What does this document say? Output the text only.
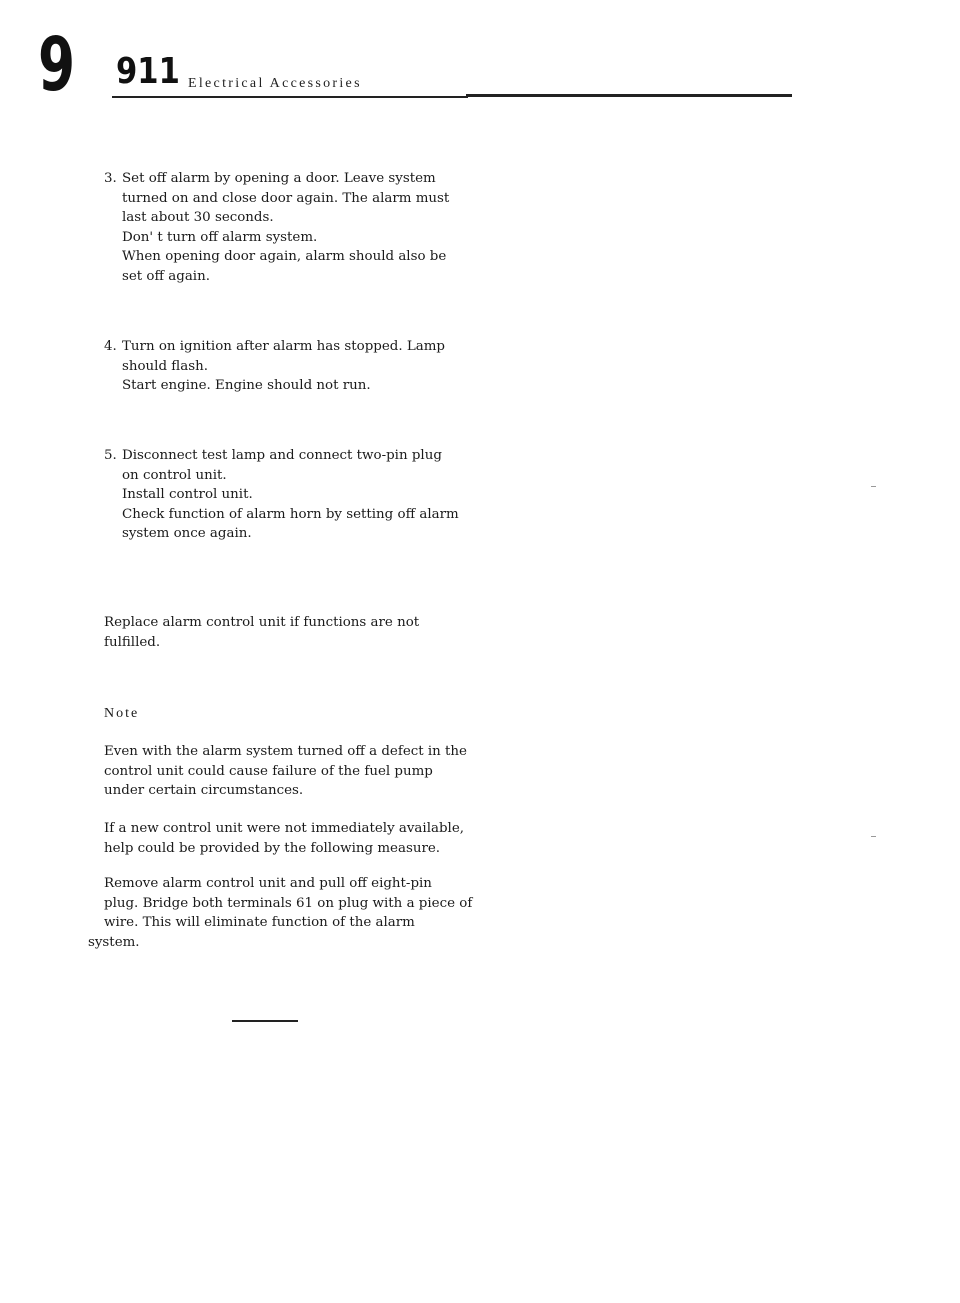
9 911 Electrical Accessories
3. Set off alarm by opening a door. Leave system
turned on and close door again. The alarm must
last about 30 seconds.
Don' t turn off alarm system.
When opening door again, alarm should also be
set off again.
4. Turn on ignition after alarm has stopped. Lamp
should flash.
Start engine. Engine should not run.
5. Disconnect test lamp and connect two-pin plug
on control unit.
Install control unit.
Check function of alarm horn by setting off alarm
system once again.
Replace alarm control unit if functions are not
fulfilled.
Note
Even with the alarm system turned off a defect in the
control unit could cause failure of the fuel pump
under certain circumstances.
If a new control unit were not immediately available,
help could be provided by the following measure.
Remove alarm control unit and pull off eight-pin
plug. Bridge both terminals 61 on plug with a piece of
wire. This will eliminate function of the alarm
system.
